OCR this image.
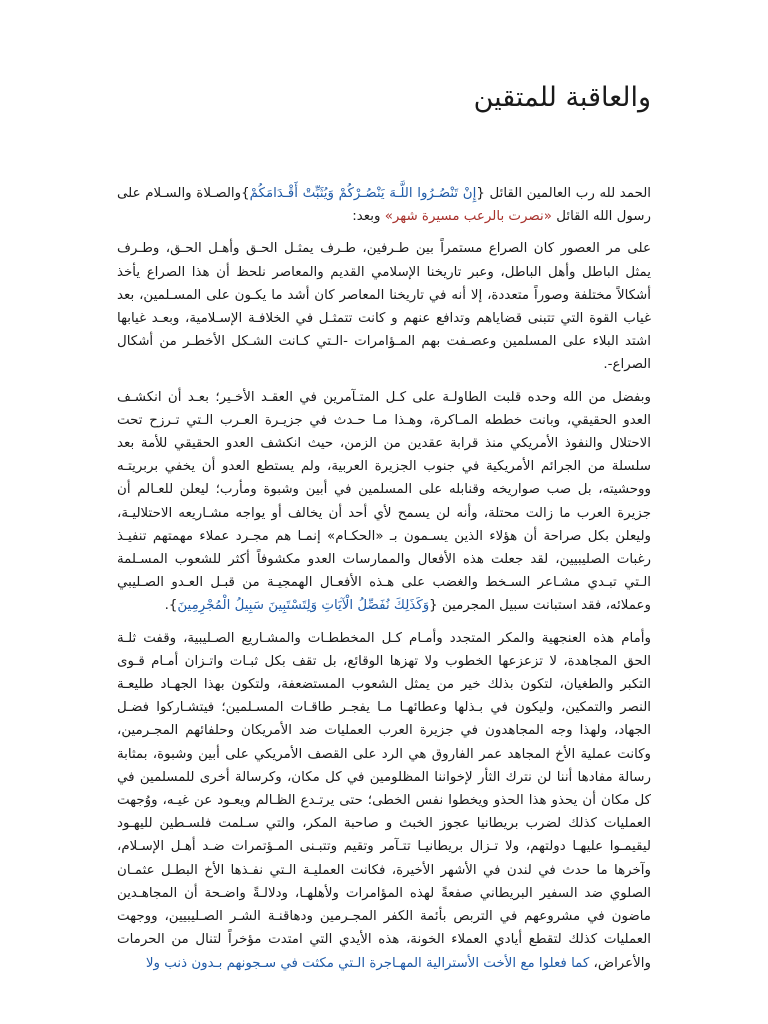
والعاقبة للمتقين

الحمد لله رب العالمين القائل {إِنْ تَنْصُـرُوا اللَّـهَ يَنْصُـرْكُمْ وَيُثَبِّتْ أَقْـدَامَكُمْ}والصـلاة والسـلام على رسول الله القائل «نصرت بالرعب مسيرة شهر» وبعد:

على مر العصور كان الصراع مستمراً بين طـرفين، طـرف يمثـل الحـق وأهـل الحـق، وطـرف يمثل الباطل وأهل الباطل، وعبر تاريخنا الإسلامي القديم والمعاصر نلحظ أن هذا الصراع يأخذ أشكالاً مختلفة وصوراً متعددة، إلا أنه في تاريخنا المعاصر كان أشد ما يكـون على المسـلمين، بعد غياب القوة التي تتبنى قضاياهم وتدافع عنهم و كانت تتمثـل في الخلافـة الإسـلامية، وبعـد غيابها اشتد البلاء على المسلمين وعصـفت بهم المـؤامرات -الـتي كـانت الشـكل الأخطـر من أشكال الصراع-.

وبفضل من الله وحده قلبت الطاولـة على كـل المتـآمرين في العقـد الأخـير؛ بعـد أن انكشـف العدو الحقيقي، وبانت خططه المـاكرة، وهـذا مـا حـدث في جزيـرة العـرب الـتي تـرزح تحت الاحتلال والنفوذ الأمريكي منذ قرابة عقدين من الزمن، حيث انكشف العدو الحقيقي للأمة بعد سلسلة من الجرائم الأمريكية في جنوب الجزيرة العربية، ولم يستطع العدو أن يخفي بربريتـه ووحشيته، بل صب صواريخه وقنابله على المسلمين في أبين وشبوة ومأرب؛ ليعلن للعـالم أن جزيرة العرب ما زالت محتلة، وأنه لن يسمح لأي أحد أن يخالف أو يواجه مشـاريعه الاحتلاليـة، وليعلن بكل صراحة أن هؤلاء الذين يسـمون بـ «الحكـام» إنمـا هم مجـرد عملاء مهمتهم تنفيـذ رغبات الصليبيين، لقد جعلت هذه الأفعال والممارسات العدو مكشوفاً أكثر للشعوب المسـلمة الـتي تبـدي مشـاعر السـخط والغضب على هـذه الأفعـال الهمجيـة من قبـل العـدو الصـليبي وعملائه، فقد استبانت سبيل المجرمين {وَكَذَلِكَ نُفَصِّلُ الْآيَاتِ وَلِتَسْتَبِينَ سَبِيلُ الْمُجْرِمِينَ}.

وأمام هذه العنجهية والمكر المتجدد وأمـام كـل المخططـات والمشـاريع الصـليبية، وقفت ثلـة الحق المجاهدة، لا تزعزعها الخطوب ولا تهزها الوقائع، بل تقف بكل ثبـات واتـزان أمـام قـوى التكبر والطغيان، لتكون بذلك خير من يمثل الشعوب المستضعفة، ولتكون بهذا الجهـاد طليعـة النصر والتمكين، وليكون في بـذلها وعطائهـا مـا يفجـر طاقـات المسـلمين؛ فيتشـاركوا فضـل الجهاد، ولهذا وجه المجاهدون في جزيرة العرب العمليات ضد الأمريكان وحلفائهم المجـرمين، وكانت عملية الأخ المجاهد عمر الفاروق هي الرد على القصف الأمريكي على أبين وشبوة، بمثابة رسالة مفادها أننا لن نترك الثأر لإخواننا المظلومين في كل مكان، وكرسالة أخرى للمسلمين في كل مكان أن يحذو هذا الحذو ويخطوا نفس الخطى؛ حتى يرتـدع الظـالم ويعـود عن غيـه، ووُجهت العمليات كذلك لضرب بريطانيا عجوز الخبث و صاحبة المكر، والتي سـلمت فلسـطين لليهـود ليقيمـوا عليهـا دولتهم، ولا تـزال بريطانيـا تتـآمر وتقيم وتتبـنى المـؤتمرات ضـد أهـل الإسـلام، وآخرها ما حدث في لندن في الأشهر الأخيرة، فكانت العمليـة الـتي نفـذها الأخ البطـل عثمـان الصلوي ضد السفير البريطاني صفعةً لهذه المؤامرات ولأهلهـا، ودلالـةً واضـحة أن المجاهـدين ماضون في مشروعهم في التربص بأئمة الكفر المجـرمين ودهاقنـة الشـر الصـليبيين، ووجهت العمليات كذلك لتقطع أيادي العملاء الخونة، هذه الأيدي التي امتدت مؤخراً لتنال من الحرمات والأعراض، كما فعلوا مع الأخت الأسترالية المهـاجرة الـتي مكثت في سـجونهم بـدون ذنب ولا
